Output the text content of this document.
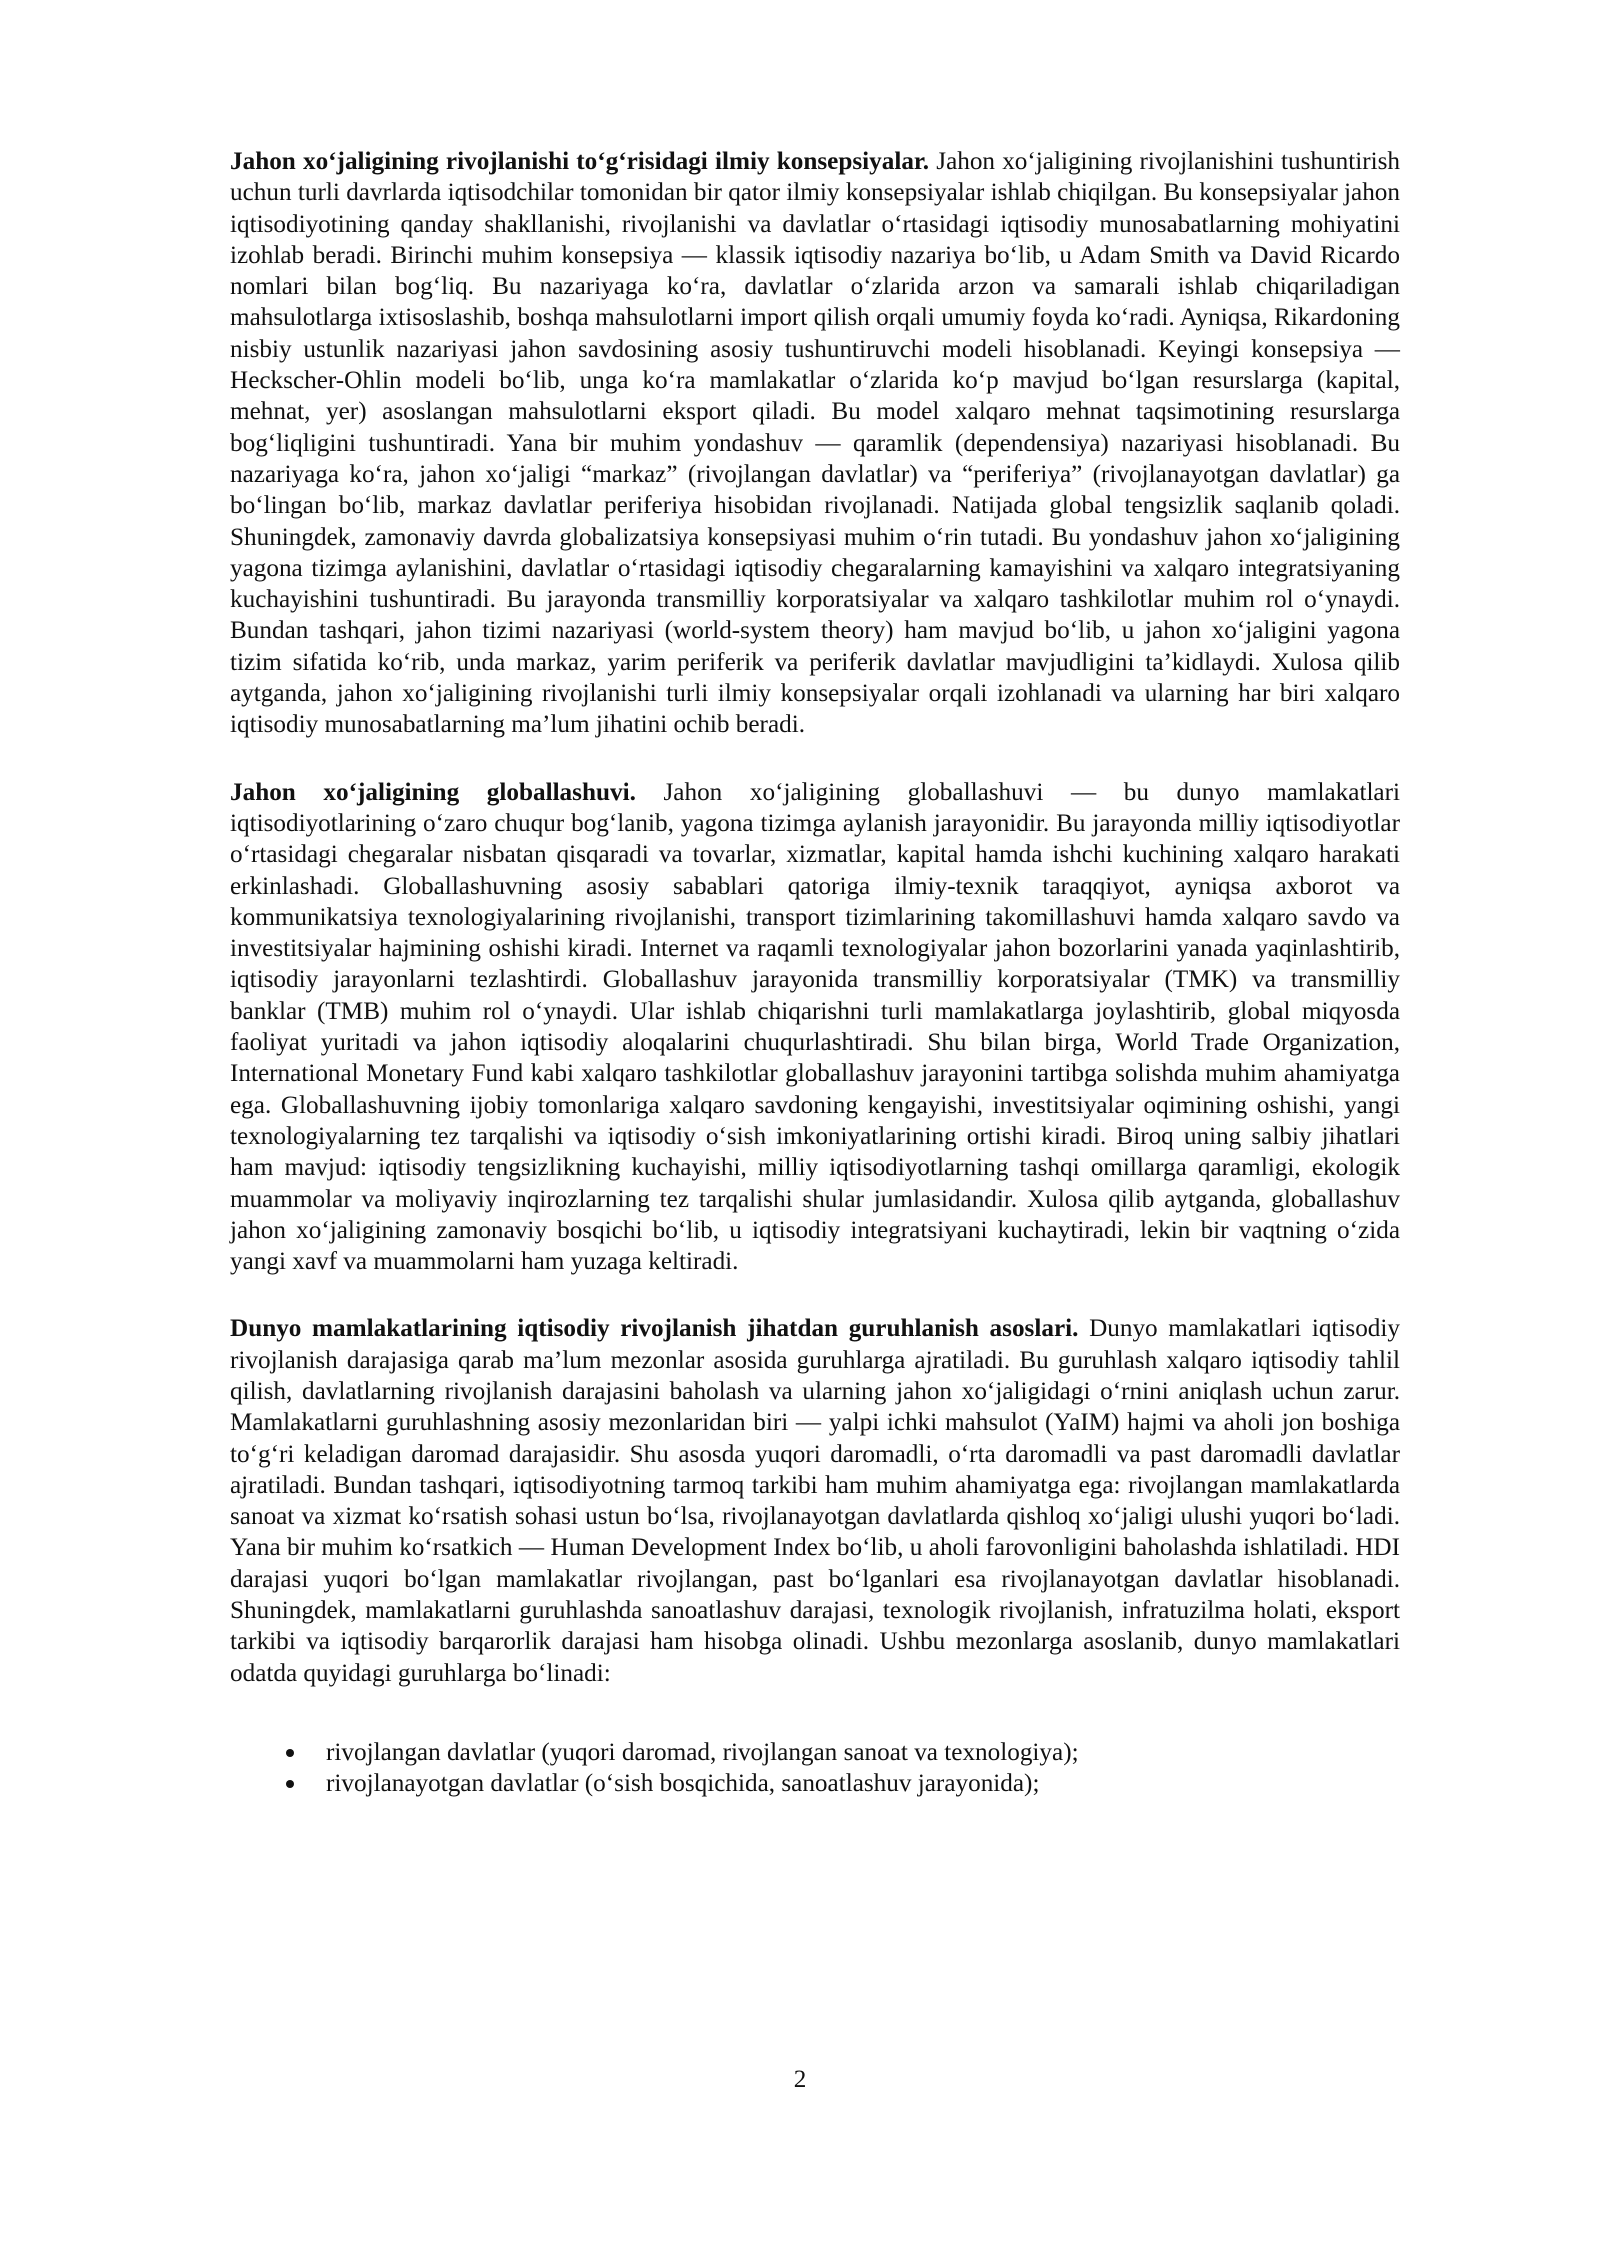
Jahon xo‘jaligining rivojlanishi to‘g‘risidagi ilmiy konsepsiyalar. Jahon xo‘jaligining rivojlanishini tushuntirish uchun turli davrlarda iqtisodchilar tomonidan bir qator ilmiy konsepsiyalar ishlab chiqilgan. Bu konsepsiyalar jahon iqtisodiyotining qanday shakllanishi, rivojlanishi va davlatlar o‘rtasidagi iqtisodiy munosabatlarning mohiyatini izohlab beradi. Birinchi muhim konsepsiya — klassik iqtisodiy nazariya bo‘lib, u Adam Smith va David Ricardo nomlari bilan bog‘liq. Bu nazariyaga ko‘ra, davlatlar o‘zlarida arzon va samarali ishlab chiqariladigan mahsulotlarga ixtisoslashib, boshqa mahsulotlarni import qilish orqali umumiy foyda ko‘radi. Ayniqsa, Rikardoning nisbiy ustunlik nazariyasi jahon savdosining asosiy tushuntiruvchi modeli hisoblanadi. Keyingi konsepsiya — Heckscher-Ohlin modeli bo‘lib, unga ko‘ra mamlakatlar o‘zlarida ko‘p mavjud bo‘lgan resurslarga (kapital, mehnat, yer) asoslangan mahsulotlarni eksport qiladi. Bu model xalqaro mehnat taqsimotining resurslarga bog‘liqligini tushuntiradi. Yana bir muhim yondashuv — qaramlik (dependensiya) nazariyasi hisoblanadi. Bu nazariyaga ko‘ra, jahon xo‘jaligi “markaz” (rivojlangan davlatlar) va “periferiya” (rivojlanayotgan davlatlar) ga bo‘lingan bo‘lib, markaz davlatlar periferiya hisobidan rivojlanadi. Natijada global tengsizlik saqlanib qoladi. Shuningdek, zamonaviy davrda globalizatsiya konsepsiyasi muhim o‘rin tutadi. Bu yondashuv jahon xo‘jaligining yagona tizimga aylanishini, davlatlar o‘rtasidagi iqtisodiy chegaralarning kamayishini va xalqaro integratsiyaning kuchayishini tushuntiradi. Bu jarayonda transmilliy korporatsiyalar va xalqaro tashkilotlar muhim rol o‘ynaydi. Bundan tashqari, jahon tizimi nazariyasi (world-system theory) ham mavjud bo‘lib, u jahon xo‘jaligini yagona tizim sifatida ko‘rib, unda markaz, yarim periferik va periferik davlatlar mavjudligini ta’kidlaydi. Xulosa qilib aytganda, jahon xo‘jaligining rivojlanishi turli ilmiy konsepsiyalar orqali izohlanadi va ularning har biri xalqaro iqtisodiy munosabatlarning ma’lum jihatini ochib beradi.

Jahon xo‘jaligining globallashuvi. Jahon xo‘jaligining globallashuvi — bu dunyo mamlakatlari iqtisodiyotlarining o‘zaro chuqur bog‘lanib, yagona tizimga aylanish jarayonidir. Bu jarayonda milliy iqtisodiyotlar o‘rtasidagi chegaralar nisbatan qisqaradi va tovarlar, xizmatlar, kapital hamda ishchi kuchining xalqaro harakati erkinlashadi. Globallashuvning asosiy sabablari qatoriga ilmiy-texnik taraqqiyot, ayniqsa axborot va kommunikatsiya texnologiyalarining rivojlanishi, transport tizimlarining takomillashuvi hamda xalqaro savdo va investitsiyalar hajmining oshishi kiradi. Internet va raqamli texnologiyalar jahon bozorlarini yanada yaqinlashtirib, iqtisodiy jarayonlarni tezlashtirdi. Globallashuv jarayonida transmilliy korporatsiyalar (TMK) va transmilliy banklar (TMB) muhim rol o‘ynaydi. Ular ishlab chiqarishni turli mamlakatlarga joylashtirib, global miqyosda faoliyat yuritadi va jahon iqtisodiy aloqalarini chuqurlashtiradi. Shu bilan birga, World Trade Organization, International Monetary Fund kabi xalqaro tashkilotlar globallashuv jarayonini tartibga solishda muhim ahamiyatga ega. Globallashuvning ijobiy tomonlariga xalqaro savdoning kengayishi, investitsiyalar oqimining oshishi, yangi texnologiyalarning tez tarqalishi va iqtisodiy o‘sish imkoniyatlarining ortishi kiradi. Biroq uning salbiy jihatlari ham mavjud: iqtisodiy tengsizlikning kuchayishi, milliy iqtisodiyotlarning tashqi omillarga qaramligi, ekologik muammolar va moliyaviy inqirozlarning tez tarqalishi shular jumlasidandir. Xulosa qilib aytganda, globallashuv jahon xo‘jaligining zamonaviy bosqichi bo‘lib, u iqtisodiy integratsiyani kuchaytiradi, lekin bir vaqtning o‘zida yangi xavf va muammolarni ham yuzaga keltiradi.

Dunyo mamlakatlarining iqtisodiy rivojlanish jihatdan guruhlanish asoslari. Dunyo mamlakatlari iqtisodiy rivojlanish darajasiga qarab ma’lum mezonlar asosida guruhlarga ajratiladi. Bu guruhlash xalqaro iqtisodiy tahlil qilish, davlatlarning rivojlanish darajasini baholash va ularning jahon xo‘jaligidagi o‘rnini aniqlash uchun zarur. Mamlakatlarni guruhlashning asosiy mezonlaridan biri — yalpi ichki mahsulot (YaIM) hajmi va aholi jon boshiga to‘g‘ri keladigan daromad darajasidir. Shu asosda yuqori daromadli, o‘rta daromadli va past daromadli davlatlar ajratiladi. Bundan tashqari, iqtisodiyotning tarmoq tarkibi ham muhim ahamiyatga ega: rivojlangan mamlakatlarda sanoat va xizmat ko‘rsatish sohasi ustun bo‘lsa, rivojlanayotgan davlatlarda qishloq xo‘jaligi ulushi yuqori bo‘ladi. Yana bir muhim ko‘rsatkich — Human Development Index bo‘lib, u aholi farovonligini baholashda ishlatiladi. HDI darajasi yuqori bo‘lgan mamlakatlar rivojlangan, past bo‘lganlari esa rivojlanayotgan davlatlar hisoblanadi. Shuningdek, mamlakatlarni guruhlashda sanoatlashuv darajasi, texnologik rivojlanish, infratuzilma holati, eksport tarkibi va iqtisodiy barqarorlik darajasi ham hisobga olinadi. Ushbu mezonlarga asoslanib, dunyo mamlakatlari odatda quyidagi guruhlarga bo‘linadi:

rivojlangan davlatlar (yuqori daromad, rivojlangan sanoat va texnologiya);
rivojlanayotgan davlatlar (o‘sish bosqichida, sanoatlashuv jarayonida);
2
